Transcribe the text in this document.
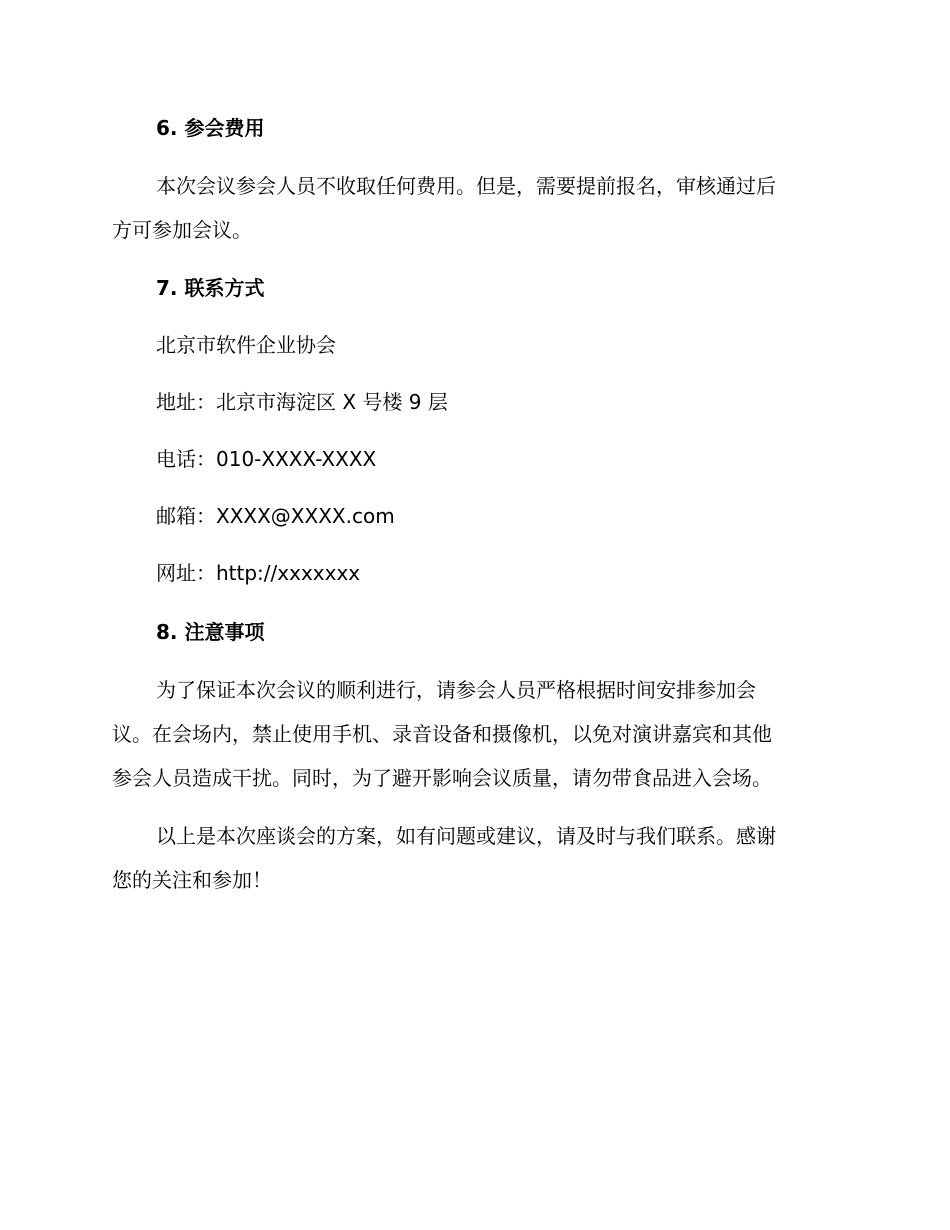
6. 参会费用
本次会议参会人员不收取任何费用。但是，需要提前报名，审核通过后
方可参加会议。
7. 联系方式
北京市软件企业协会
地址：北京市海淀区 X 号楼 9 层
电话：010-XXXX-XXXX
邮箱：XXXX@XXXX.com
网址：http://xxxxxxx
8. 注意事项
为了保证本次会议的顺利进行，请参会人员严格根据时间安排参加会
议。在会场内，禁止使用手机、录音设备和摄像机，以免对演讲嘉宾和其他
参会人员造成干扰。同时，为了避开影响会议质量，请勿带食品进入会场。
以上是本次座谈会的方案，如有问题或建议，请及时与我们联系。感谢
您的关注和参加！
